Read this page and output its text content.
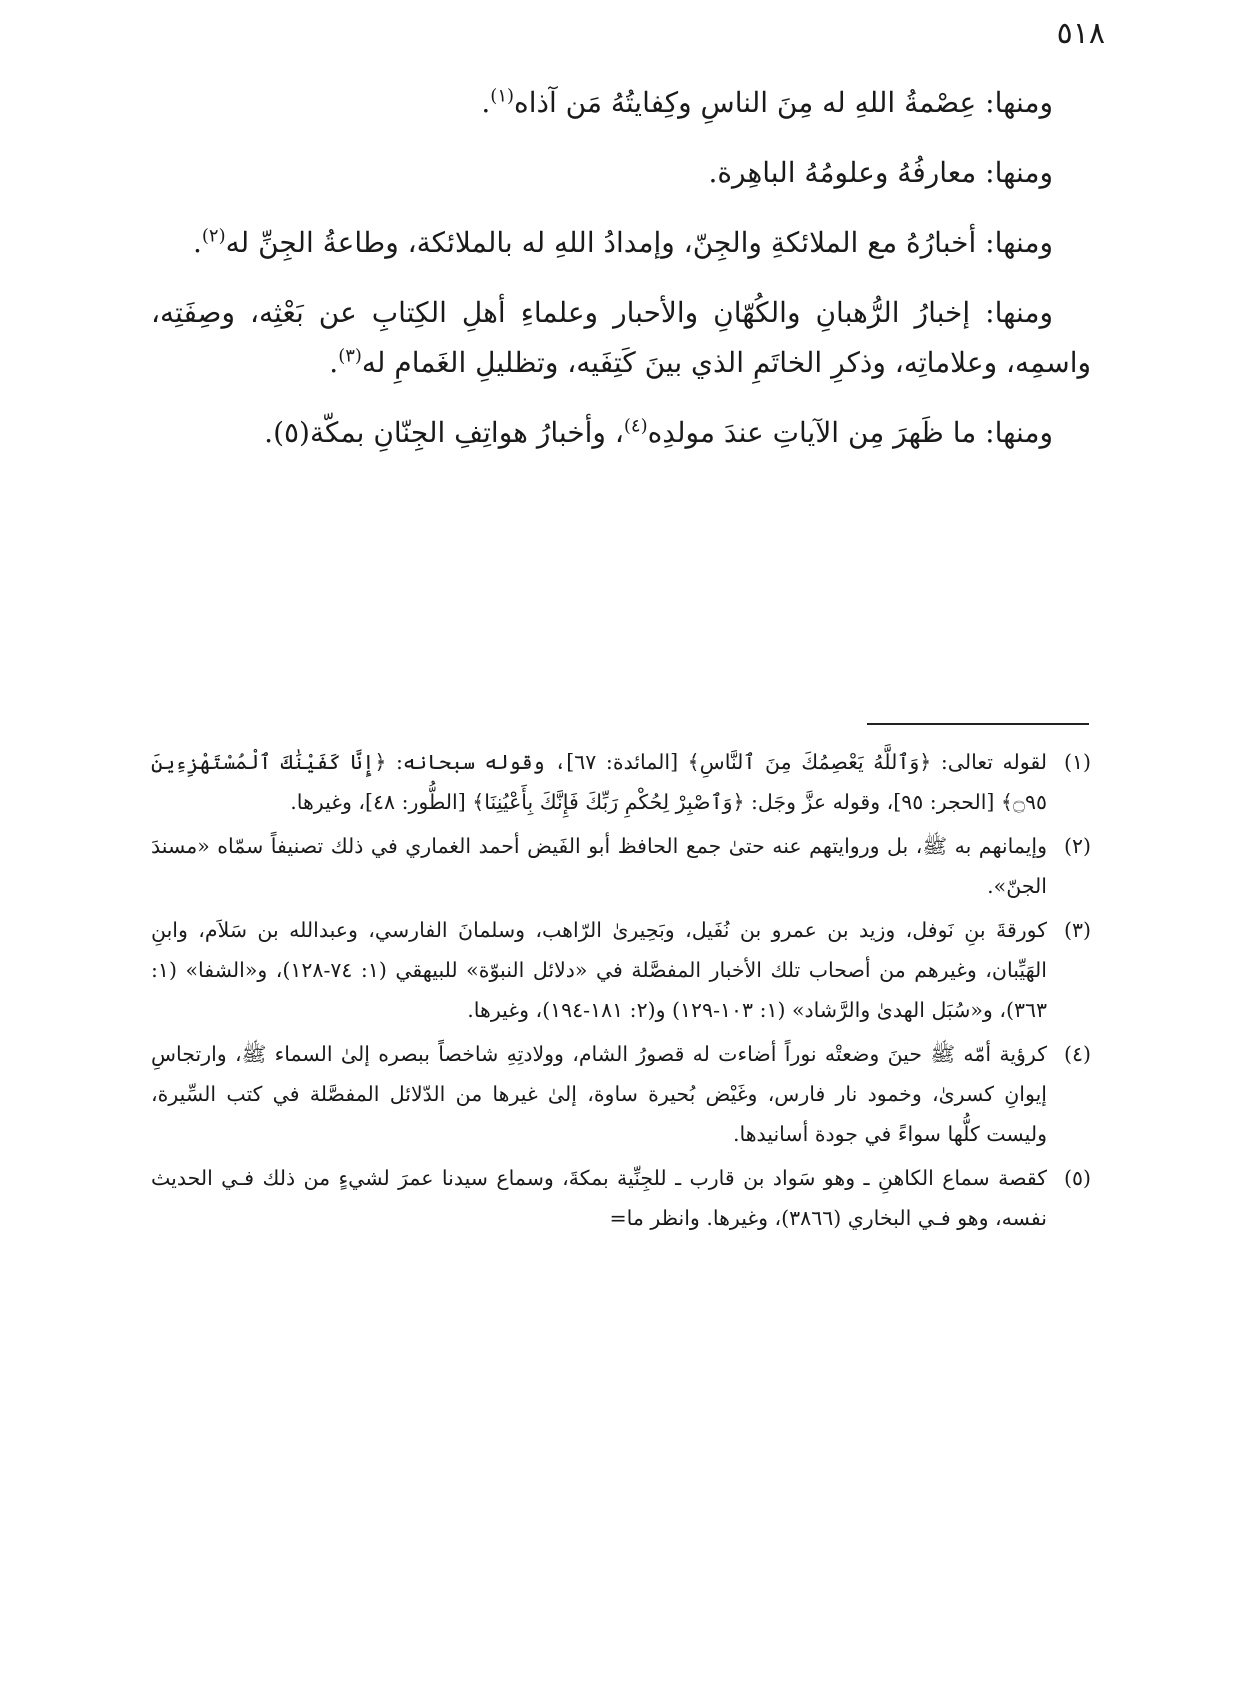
٥١٨

ومنها: عِصْمةُ اللهِ له مِنَ الناسِ وكِفايتُهُ مَن آذاه$^{(١)}$.

ومنها: معارفُهُ وعلومُهُ الباهِرة.

ومنها: أخبارُهُ مع الملائكةِ والجِنّ، وإمدادُ اللهِ له بالملائكة، وطاعةُ الجِنِّ له$^{(٢)}$.

ومنها: إخبارُ الرُّهبانِ والكُهّانِ والأحبار وعلماءِ أهلِ الكِتابِ عن بَعْثِه، وصِفَتِه، واسمِه، وعلاماتِه، وذكرِ الخاتَمِ الذي بينَ كَتِفَيه، وتظليلِ الغَمامِ له$^{(٣)}$.

ومنها: ما ظَهرَ مِن الآياتِ عندَ مولدِه$^{(٤)}$، وأخبارُ هواتِفِ الجِنّانِ بمكّة(٥).

(١)
لقوله تعالى: ﴿وَٱللَّهُ يَعْصِمُكَ مِنَ ٱلنَّاسِ﴾ [المائدة: ٦٧]، وقوله سبحانه: ﴿إِنَّا كَفَيْنَٰكَ ٱلْمُسْتَهْزِءِينَ ۝٩٥﴾ [الحجر: ٩٥]، وقوله عزَّ وجَل: ﴿وَٱصْبِرْ لِحُكْمِ رَبِّكَ فَإِنَّكَ بِأَعْيُنِنَا﴾ [الطُّور: ٤٨]، وغيرها.
(٢)
وإيمانهم به ﷺ، بل وروايتهم عنه حتىٰ جمع الحافظ أبو الفَيض أحمد الغماري في ذلك تصنيفاً سمّاه «مسندَ الجنّ».
(٣)
كورقةَ بنِ نَوفل، وزيد بن عمرو بن نُفَيل، وبَحِيرىٰ الرّاهب، وسلمانَ الفارسي، وعبدالله بن سَلاَم، وابنِ الهَيِّبان، وغيرهم من أصحاب تلك الأخبار المفصَّلة في «دلائل النبوّة» للبيهقي (١: ٧٤-١٢٨)، و«الشفا» (١: ٣٦٣)، و«سُبَل الهدىٰ والرَّشاد» (١: ١٠٣-١٢٩) و(٢: ١٨١-١٩٤)، وغيرها.
(٤)
كرؤية أمّه ﷺ حينَ وضعتْه نوراً أضاءت له قصورُ الشام، وولادتِهِ شاخصاً ببصره إلىٰ السماء ﷺ، وارتجاسِ إيوانِ كسرىٰ، وخمود نار فارس، وغَيْض بُحيرة ساوة، إلىٰ غيرها من الدّلائل المفصَّلة في كتب السِّيرة، وليست كلُّها سواءً في جودة أسانيدها.
(٥)
كقصة سماع الكاهنِ ـ وهو سَواد بن قارب ـ للجِنِّية بمكةَ، وسماع سيدنا عمرَ لشيءٍ من ذلك فـي الحديث نفسه، وهو فـي البخاري (٣٨٦٦)، وغيرها. وانظر ما=
